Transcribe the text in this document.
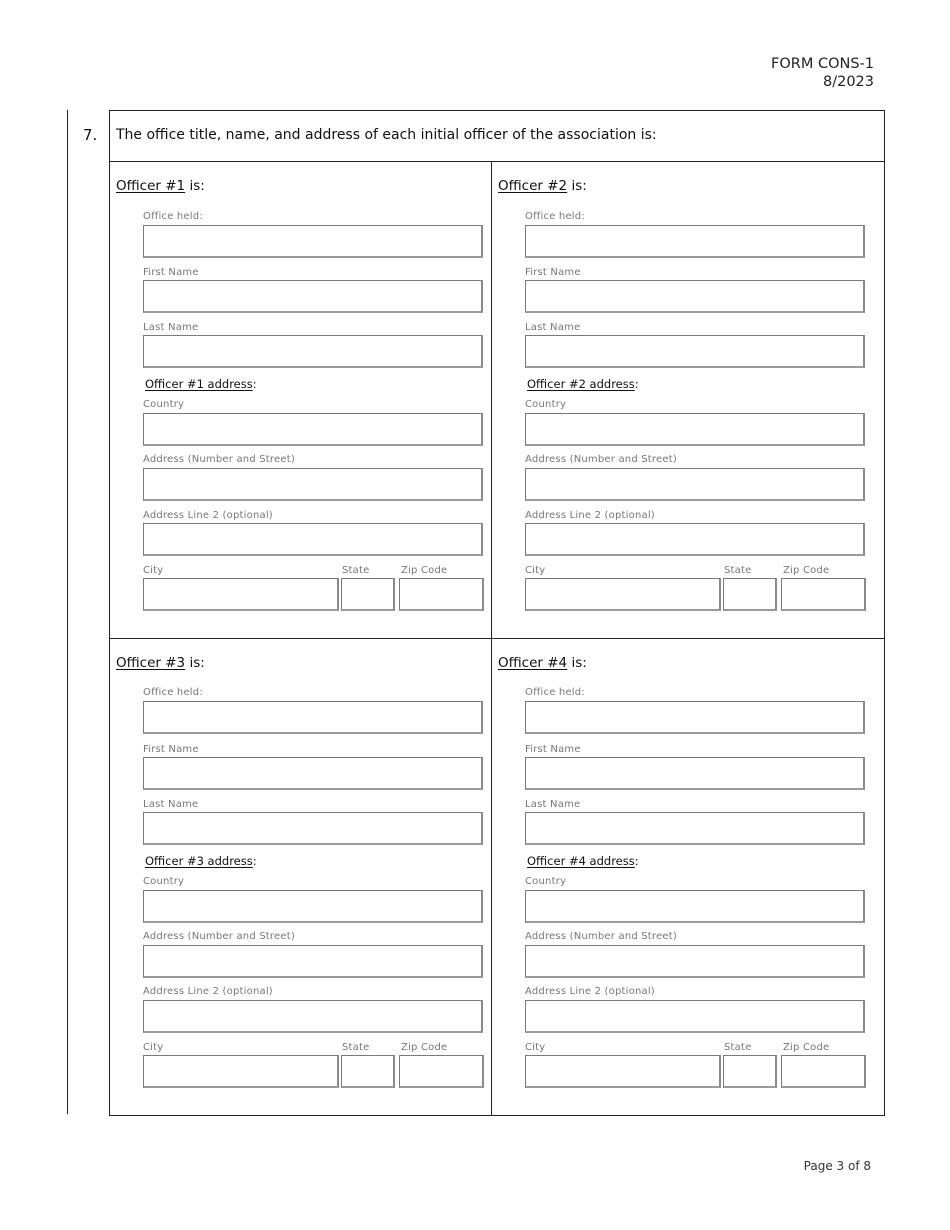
FORM CONS-1
8/2023
7. The office title, name, and address of each initial officer of the association is:
Officer #1 is:
Office held:
First Name
Last Name
Officer #1 address:
Country
Address (Number and Street)
Address Line 2 (optional)
City	State	Zip Code
Officer #2 is:
Office held:
First Name
Last Name
Officer #2 address:
Country
Address (Number and Street)
Address Line 2 (optional)
City	State	Zip Code
Officer #3 is:
Office held:
First Name
Last Name
Officer #3 address:
Country
Address (Number and Street)
Address Line 2 (optional)
City	State	Zip Code
Officer #4 is:
Office held:
First Name
Last Name
Officer #4 address:
Country
Address (Number and Street)
Address Line 2 (optional)
City	State	Zip Code
Page 3 of 8
